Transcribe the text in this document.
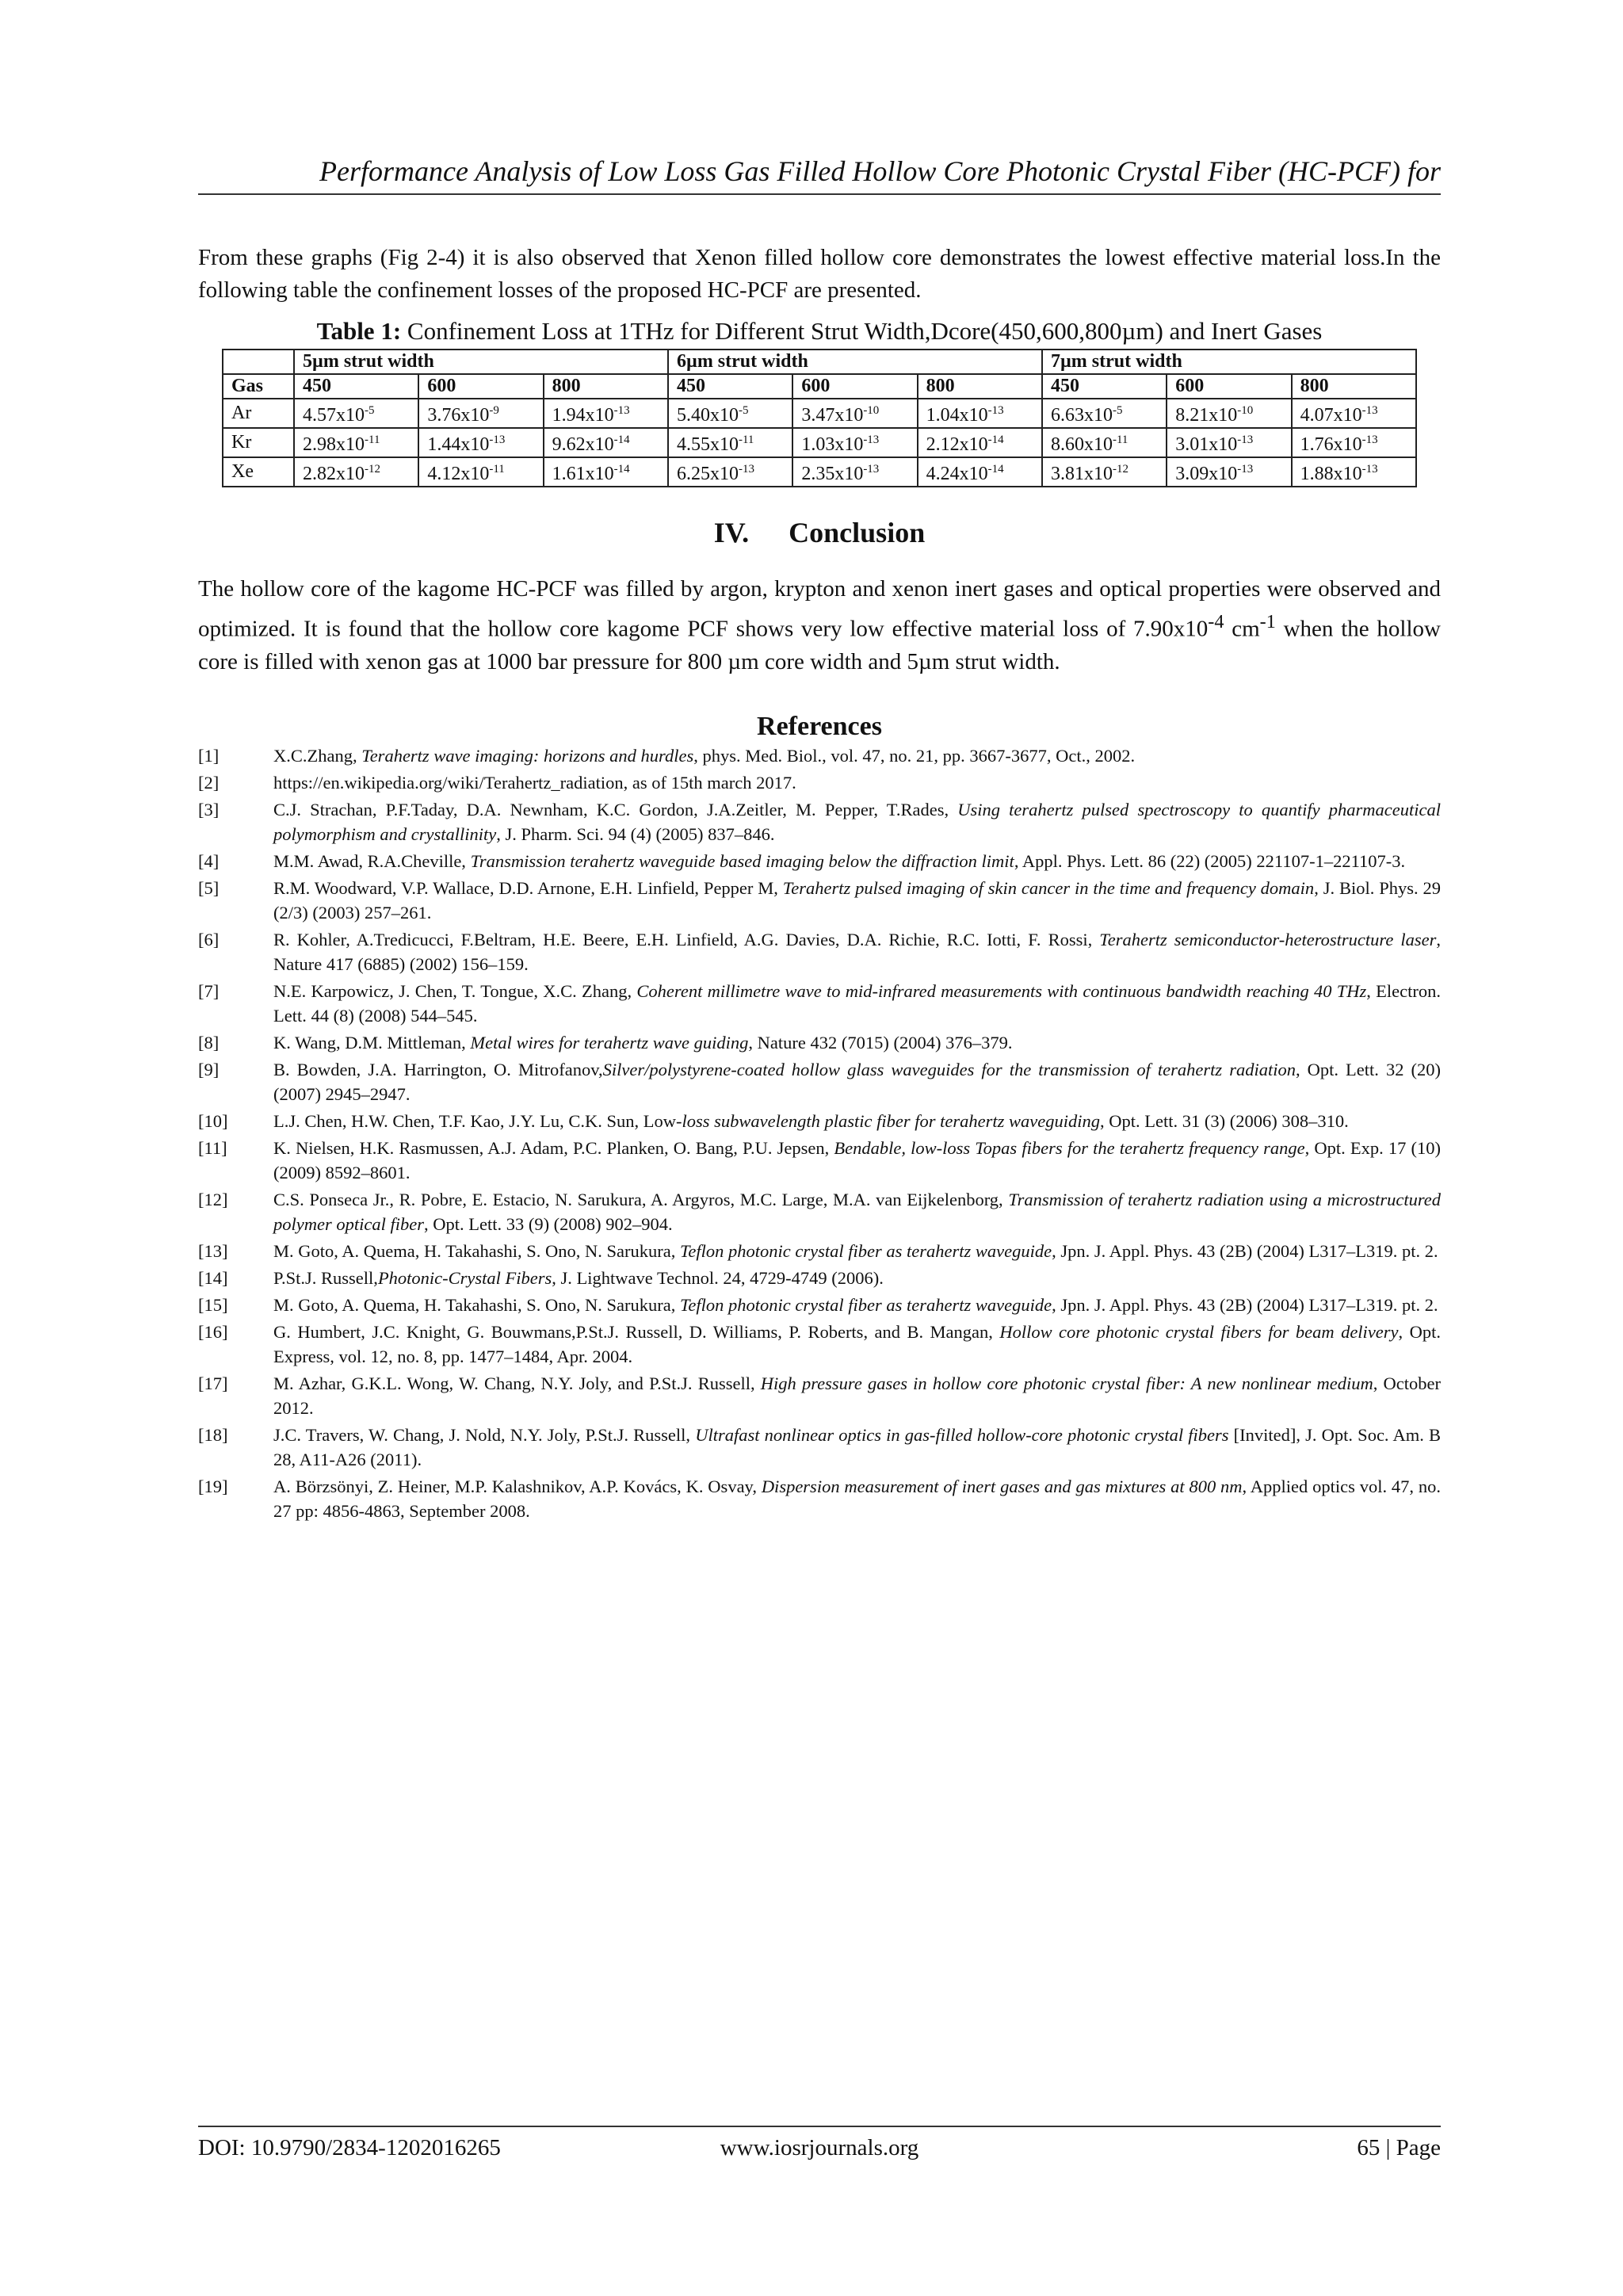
Performance Analysis of Low Loss Gas Filled Hollow Core Photonic Crystal Fiber (HC-PCF) for

From these graphs (Fig 2-4) it is also observed that Xenon filled hollow core demonstrates the lowest effective material loss.In the following table the confinement losses of the proposed HC-PCF are presented.

Table 1: Confinement Loss at 1THz for Different Strut Width,Dcore(450,600,800µm) and Inert Gases
	5µm strut width			6µm strut width			7µm strut width		
Gas	450	600	800	450	600	800	450	600	800
Ar	$4.57x10^{-5}$	$3.76x10^{-9}$	$1.94x10^{-13}$	$5.40x10^{-5}$	$3.47x10^{-10}$	$1.04x10^{-13}$	$6.63x10^{-5}$	$8.21x10^{-10}$	$4.07x10^{-13}$
Kr	$2.98x10^{-11}$	$1.44x10^{-13}$	$9.62x10^{-14}$	$4.55x10^{-11}$	$1.03x10^{-13}$	$2.12x10^{-14}$	$8.60x10^{-11}$	$3.01x10^{-13}$	$1.76x10^{-13}$
Xe	$2.82x10^{-12}$	$4.12x10^{-11}$	$1.61x10^{-14}$	$6.25x10^{-13}$	$2.35x10^{-13}$	$4.24x10^{-14}$	$3.81x10^{-12}$	$3.09x10^{-13}$	$1.88x10^{-13}$
IV. Conclusion

The hollow core of the kagome HC-PCF was filled by argon, krypton and xenon inert gases and optical properties were observed and optimized. It is found that the hollow core kagome PCF shows very low effective material loss of $7.90x10^{-4}$ $cm^{-1}$ when the hollow core is filled with xenon gas at 1000 bar pressure for 800 µm core width and 5µm strut width.

References
[1]	X.C.Zhang, Terahertz wave imaging: horizons and hurdles, phys. Med. Biol., vol. 47, no. 21, pp. 3667-3677, Oct., 2002.
[2]	https://en.wikipedia.org/wiki/Terahertz_radiation, as of 15th march 2017.
[3]	C.J. Strachan, P.F.Taday, D.A. Newnham, K.C. Gordon, J.A.Zeitler, M. Pepper, T.Rades, Using terahertz pulsed spectroscopy to quantify pharmaceutical polymorphism and crystallinity, J. Pharm. Sci. 94 (4) (2005) 837–846.
[4]	M.M. Awad, R.A.Cheville, Transmission terahertz waveguide based imaging below the diffraction limit, Appl. Phys. Lett. 86 (22) (2005) 221107-1–221107-3.
[5]	R.M. Woodward, V.P. Wallace, D.D. Arnone, E.H. Linfield, Pepper M, Terahertz pulsed imaging of skin cancer in the time and frequency domain, J. Biol. Phys. 29 (2/3) (2003) 257–261.
[6]	R. Kohler, A.Tredicucci, F.Beltram, H.E. Beere, E.H. Linfield, A.G. Davies, D.A. Richie, R.C. Iotti, F. Rossi, Terahertz semiconductor-heterostructure laser, Nature 417 (6885) (2002) 156–159.
[7]	N.E. Karpowicz, J. Chen, T. Tongue, X.C. Zhang, Coherent millimetre wave to mid-infrared measurements with continuous bandwidth reaching 40 THz, Electron. Lett. 44 (8) (2008) 544–545.
[8]	K. Wang, D.M. Mittleman, Metal wires for terahertz wave guiding, Nature 432 (7015) (2004) 376–379.
[9]	B. Bowden, J.A. Harrington, O. Mitrofanov,Silver/polystyrene-coated hollow glass waveguides for the transmission of terahertz radiation, Opt. Lett. 32 (20) (2007) 2945–2947.
[10]	L.J. Chen, H.W. Chen, T.F. Kao, J.Y. Lu, C.K. Sun, Low-loss subwavelength plastic fiber for terahertz waveguiding, Opt. Lett. 31 (3) (2006) 308–310.
[11]	K. Nielsen, H.K. Rasmussen, A.J. Adam, P.C. Planken, O. Bang, P.U. Jepsen, Bendable, low-loss Topas fibers for the terahertz frequency range, Opt. Exp. 17 (10) (2009) 8592–8601.
[12]	C.S. Ponseca Jr., R. Pobre, E. Estacio, N. Sarukura, A. Argyros, M.C. Large, M.A. van Eijkelenborg, Transmission of terahertz radiation using a microstructured polymer optical fiber, Opt. Lett. 33 (9) (2008) 902–904.
[13]	M. Goto, A. Quema, H. Takahashi, S. Ono, N. Sarukura, Teflon photonic crystal fiber as terahertz waveguide, Jpn. J. Appl. Phys. 43 (2B) (2004) L317–L319. pt. 2.
[14]	P.St.J. Russell,Photonic-Crystal Fibers, J. Lightwave Technol. 24, 4729-4749 (2006).
[15]	M. Goto, A. Quema, H. Takahashi, S. Ono, N. Sarukura, Teflon photonic crystal fiber as terahertz waveguide, Jpn. J. Appl. Phys. 43 (2B) (2004) L317–L319. pt. 2.
[16]	G. Humbert, J.C. Knight, G. Bouwmans,P.St.J. Russell, D. Williams, P. Roberts, and B. Mangan, Hollow core photonic crystal fibers for beam delivery, Opt. Express, vol. 12, no. 8, pp. 1477–1484, Apr. 2004.
[17]	M. Azhar, G.K.L. Wong, W. Chang, N.Y. Joly, and P.St.J. Russell, High pressure gases in hollow core photonic crystal fiber: A new nonlinear medium, October 2012.
[18]	J.C. Travers, W. Chang, J. Nold, N.Y. Joly, P.St.J. Russell, Ultrafast nonlinear optics in gas-filled hollow-core photonic crystal fibers [Invited], J. Opt. Soc. Am. B 28, A11-A26 (2011).
[19]	A. Börzsönyi, Z. Heiner, M.P. Kalashnikov, A.P. Kovács, K. Osvay, Dispersion measurement of inert gases and gas mixtures at 800 nm, Applied optics vol. 47, no. 27 pp: 4856-4863, September 2008.
DOI: 10.9790/2834-1202016265	www.iosrjournals.org	65 | Page
